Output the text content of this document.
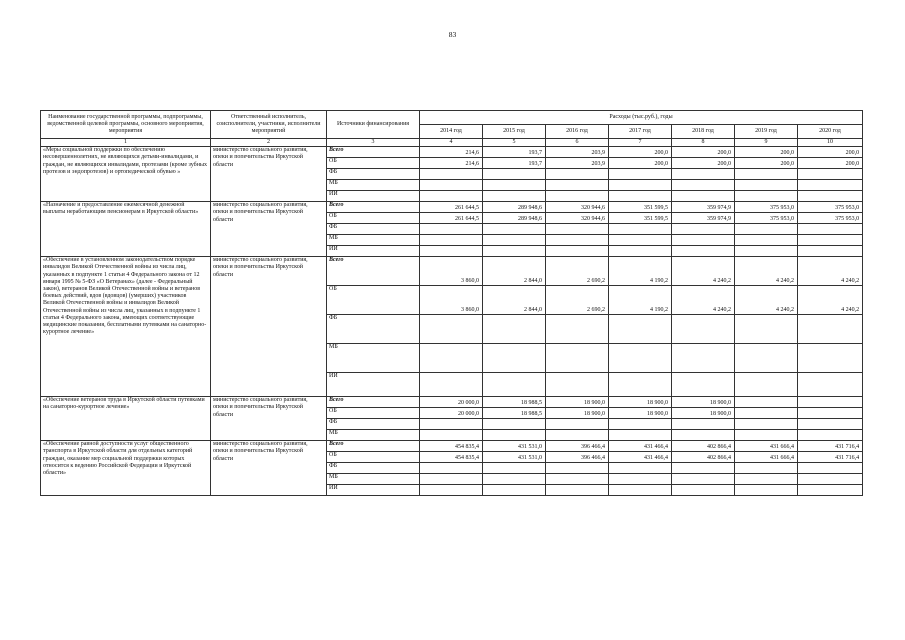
83
Наименование государственной программы, подпрограммы, ведомственной целевой программы, основного мероприятия, мероприятия	Ответственный исполнитель, соисполнители, участники, исполнители мероприятий	Источники финансирования	Расходы (тыс.руб.), годы						
			2014 год	2015 год	2016 год	2017 год	2018 год	2019 год	2020 год
1	2	3	4	5	6	7	8	9	10
«Меры социальной поддержки по обеспечению несовершеннолетних, не являющихся детьми-инвалидами, и граждан, не являющихся инвалидами, протезами (кроме зубных протезов и эндопротезов) и ортопедической обувью »	министерство социального развития, опеки и попечительства Иркутской области	Всего	214,6	193,7	203,9	200,0	200,0	200,0	200,0
		ОБ	214,6	193,7	203,9	200,0	200,0	200,0	200,0
		ФБ							
		МБ							
		ИИ							
«Назначение и предоставление ежемесячной денежной выплаты неработающим пенсионерам в Иркутской области»	министерство социального развития, опеки и попечительства Иркутской области	Всего	261 644,5	289 948,6	320 944,6	351 599,5	359 974,9	375 953,0	375 953,0
		ОБ	261 644,5	289 948,6	320 944,6	351 599,5	359 974,9	375 953,0	375 953,0
		ФБ							
		МБ							
		ИИ							
«Обеспечение в установленном законодательством порядке инвалидов Великой Отечественной войны из числа лиц, указанных в подпункте 1 статьи 4 Федерального закона от 12 января 1995 № 5-ФЗ «О Ветеранах» (далее - Федеральный закон), ветеранов Великой Отечественной войны и ветеранов боевых действий, вдов (вдовцов) (умерших) участников Великой Отечественной войны и инвалидов Великой Отечественной войны из числа лиц, указанных в подпункте 1 статьи 4 Федерального закона, имеющих соответствующие медицинские показания, бесплатными путевками на санаторно-курортное лечение»	министерство социального развития, опеки и попечительства Иркутской области	Всего	3 860,0	2 844,0	2 690,2	4 190,2	4 240,2	4 240,2	4 240,2
		ОБ	3 860,0	2 844,0	2 690,2	4 190,2	4 240,2	4 240,2	4 240,2
		ФБ							
		МБ							
		ИИ							
«Обеспечение ветеранов труда в Иркутской области путевками на санаторно-курортное лечение»	министерство социального развития, опеки и попечительства Иркутской области	Всего	20 000,0	18 988,5	18 900,0	18 900,0	18 900,0		
		ОБ	20 000,0	18 988,5	18 900,0	18 900,0	18 900,0		
		ФБ							
		МБ							
«Обеспечение равной доступности услуг общественного транспорта в Иркутской области для отдельных категорий граждан, оказание мер социальной поддержки которых относится к ведению Российской Федерации и Иркутской области»	министерство социального развития, опеки и попечительства Иркутской области	Всего	454 835,4	431 531,0	396 466,4	431 466,4	402 866,4	431 666,4	431 716,4
		ОБ	454 835,4	431 531,0	396 466,4	431 466,4	402 866,4	431 666,4	431 716,4
		ФБ							
		МБ							
		ИИ							
